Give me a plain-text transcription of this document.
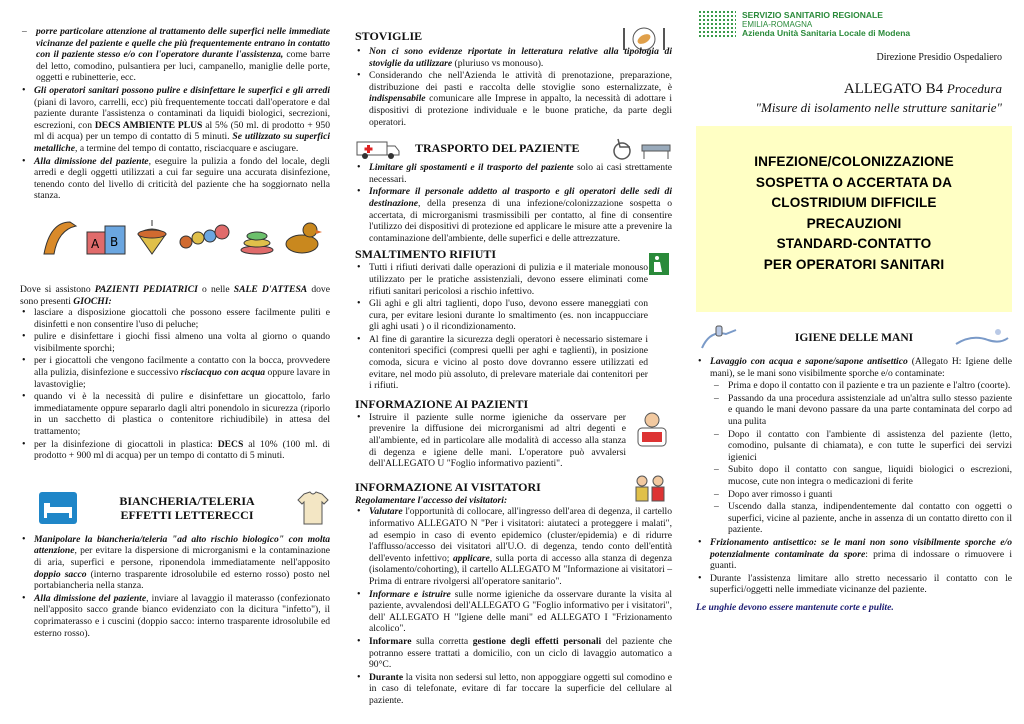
– porre particolare attenzione al trattamento delle superfici nelle immediate vicinanze del paziente e quelle che più frequentemente entrano in contatto con il paziente stesso e/o con l'operatore durante l'assistenza, come barre del letto, comodino, pulsantiera per luci, campanello, maniglie delle porte, oggetti e rubinetterie, ecc.
• Gli operatori sanitari possono pulire e disinfettare le superfici e gli arredi (piani di lavoro, carrelli, ecc) più frequentemente toccati dall'operatore e dal paziente durante l'assistenza o contaminati da liquidi biologici, secrezioni, escrezioni, con DECS AMBIENTE PLUS al 5% (50 ml. di prodotto + 950 ml di acqua) per un tempo di contatto di 5 minuti. Se utilizzato su superfici metalliche, a termine del tempo di contatto, risciacquare e asciugare.
• Alla dimissione del paziente, eseguire la pulizia a fondo del locale, degli arredi e degli oggetti utilizzati a cui far seguire una accurata disinfezione, tenendo conto del livello di criticità del paziente che ha soggiornato nella stanza.
A B

Dove si assistono PAZIENTI PEDIATRICI o nelle SALE D'ATTESA dove sono presenti GIOCHI:

• lasciare a disposizione giocattoli che possono essere facilmente puliti e disinfetti e non consentire l'uso di peluche;
• pulire e disinfettare i giochi fissi almeno una volta al giorno o quando visibilmente sporchi;
• per i giocattoli che vengono facilmente a contatto con la bocca, provvedere alla pulizia, disinfezione e successivo risciacquo con acqua oppure lavare in lavastoviglie;
• quando vi è la necessità di pulire e disinfettare un giocattolo, farlo immediatamente oppure separarlo dagli altri ponendolo in sicurezza (riporlo in un sacchetto di plastica o contenitore richiudibile) in attesa del trattamento;
• per la disinfezione di giocattoli in plastica: DECS al 10% (100 ml. di prodotto + 900 ml di acqua) per un tempo di contatto di 5 minuti.
BIANCHERIA/TELERIA
EFFETTI LETTERECCI
• Manipolare la biancheria/teleria "ad alto rischio biologico" con molta attenzione, per evitare la dispersione di microrganismi e la contaminazione di aria, superfici e persone, riponendola immediatamente nell'apposito doppio sacco (interno trasparente idrosolubile ed esterno rosso) posto nel portabiancheria nella stanza.
• Alla dimissione del paziente, inviare al lavaggio il materasso (confezionato nell'apposito sacco grande bianco evidenziato con la dicitura "infetto"), il coprimaterasso e i cuscini (doppio sacco: interno trasparente idrosolubile ed esterno rosso).
STOVIGLIE
• Non ci sono evidenze riportate in letteratura relative alla tipologia di stoviglie da utilizzare (pluriuso vs monouso).
• Considerando che nell'Azienda le attività di prenotazione, preparazione, distribuzione dei pasti e raccolta delle stoviglie sono esternalizzate, è indispensabile comunicare alle Imprese in appalto, la necessità di adottare i dispositivi di protezione individuale e le buone pratiche, da parte degli operatori.
TRASPORTO DEL PAZIENTE
• Limitare gli spostamenti e il trasporto del paziente solo ai casi strettamente necessari.
• Informare il personale addetto al trasporto e gli operatori delle sedi di destinazione, della presenza di una infezione/colonizzazione sospetta o accertata, di microrganismi trasmissibili per contatto, al fine di consentire l'utilizzo dei dispositivi di protezione ed applicare le misure atte a prevenire la contaminazione dell'ambiente, delle superfici e delle attrezzature.
SMALTIMENTO RIFIUTI
• Tutti i rifiuti derivati dalle operazioni di pulizia e il materiale monouso utilizzato per le pratiche assistenziali, devono essere eliminati come rifiuti sanitari pericolosi a rischio infettivo.
• Gli aghi e gli altri taglienti, dopo l'uso, devono essere maneggiati con cura, per evitare lesioni durante lo smaltimento (es. non incappucciare gli aghi usati ) o il ricondizionamento.
• Al fine di garantire la sicurezza degli operatori è necessario sistemare i contenitori specifici (compresi quelli per aghi e taglienti), in posizione comoda, sicura e vicino al posto dove dovranno essere utilizzati ed evitare, nel modo più assoluto, di prelevare materiale dai contenitori per i rifiuti.
INFORMAZIONE AI PAZIENTI
• Istruire il paziente sulle norme igieniche da osservare per prevenire la diffusione dei microrganismi ad altri degenti e all'ambiente, ed in particolare alle modalità di accesso alla stanza di degenza e igiene delle mani. L'operatore può avvalersi dell'ALLEGATO U "Foglio informativo pazienti".
INFORMAZIONE AI VISITATORI

Regolamentare l'accesso dei visitatori:

• Valutare l'opportunità di collocare, all'ingresso dell'area di degenza, il cartello informativo ALLEGATO N "Per i visitatori: aiutateci a proteggere i malati", ad esempio in caso di evento epidemico (cluster/epidemia) e di ridurre l'afflusso/accesso dei visitatori all'U.O. di degenza, tendo conto dell'entità dell'evento infettivo; applicare, sulla porta di accesso alla stanza di degenza (isolamento/cohorting), il cartello ALLEGATO M "Informazione ai visitatori – Prima di entrare rivolgersi all'operatore sanitario".
• Informare e istruire sulle norme igieniche da osservare durante la visita al paziente, avvalendosi dell'ALLEGATO G "Foglio informativo per i visitatori", dell' ALLEGATO H "Igiene delle mani" ed ALLEGATO I "Frizionamento alcolico".
• Informare sulla corretta gestione degli effetti personali del paziente che potranno essere trattati a domicilio, con un ciclo di lavaggio automatico a 90°C.
• Durante la visita non sedersi sul letto, non appoggiare oggetti sul comodino e in caso di telefonate, evitare di far toccare la superficie del cellulare al paziente.
SERVIZIO SANITARIO REGIONALE
EMILIA-ROMAGNA
Azienda Unità Sanitaria Locale di Modena
Direzione Presidio Ospedaliero
ALLEGATO B4 Procedura
"Misure di isolamento nelle strutture sanitarie"
INFEZIONE/COLONIZZAZIONE
SOSPETTA O ACCERTATA DA
CLOSTRIDIUM DIFFICILE
PRECAUZIONI
STANDARD-CONTATTO
PER OPERATORI SANITARI
IGIENE DELLE MANI
• Lavaggio con acqua e sapone/sapone antisettico (Allegato H: Igiene delle mani), se le mani sono visibilmente sporche e/o contaminate:
– Prima e dopo il contatto con il paziente e tra un paziente e l'altro (coorte).
– Passando da una procedura assistenziale ad un'altra sullo stesso paziente e quando le mani devono passare da una parte contaminata del corpo ad una pulita
– Dopo il contatto con l'ambiente di assistenza del paziente (letto, comodino, pulsante di chiamata), e con tutte le superfici dei servizi igienici
– Subito dopo il contatto con sangue, liquidi biologici o escrezioni, mucose, cute non integra o medicazioni di ferite
– Dopo aver rimosso i guanti
– Uscendo dalla stanza, indipendentemente dal contatto con oggetti o superfici, vicine al paziente, anche in assenza di un contatto diretto con il paziente.
• Frizionamento antisettico: se le mani non sono visibilmente sporche e/o potenzialmente contaminate da spore: prima di indossare o rimuovere i guanti.
• Durante l'assistenza limitare allo stretto necessario il contatto con le superfici/oggetti nelle immediate vicinanze del paziente.
Le unghie devono essere mantenute corte e pulite.
